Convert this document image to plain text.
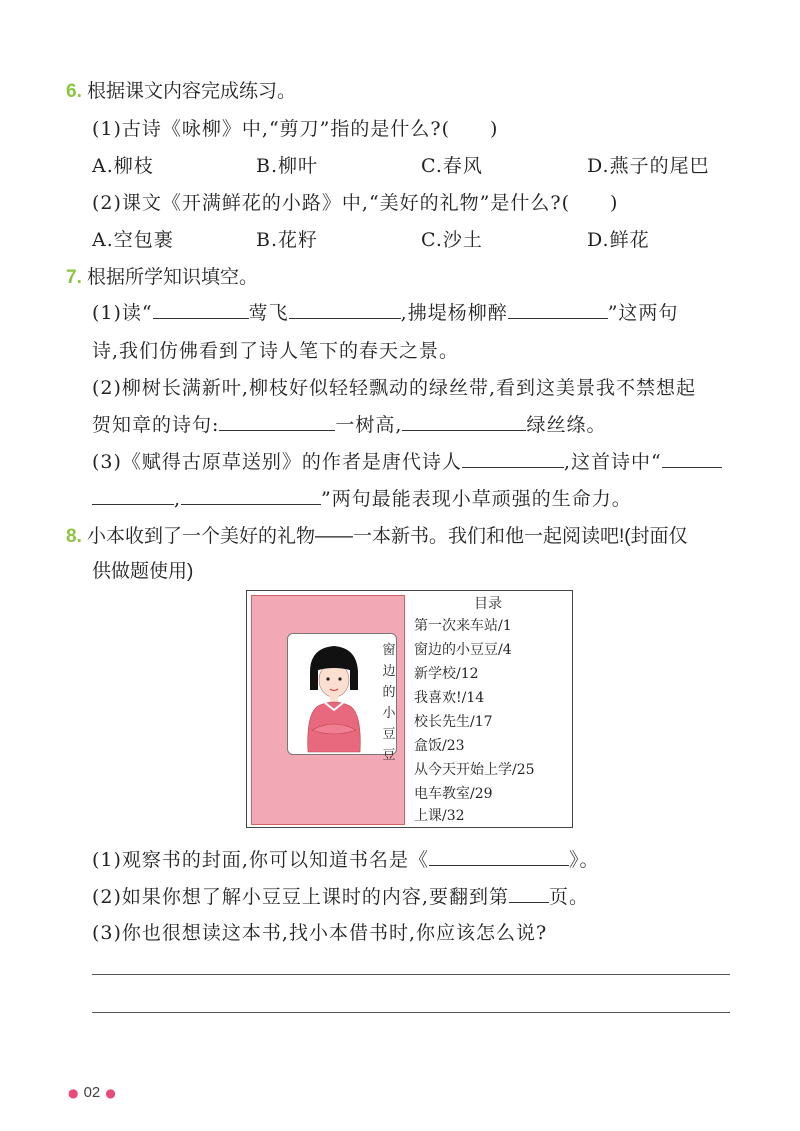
6. 根据课文内容完成练习。
(1)古诗《咏柳》中,“剪刀”指的是什么?(　　)
A.柳枝	B.柳叶	C.春风	D.燕子的尾巴
(2)课文《开满鲜花的小路》中,“美好的礼物”是什么?(　　)
A.空包裹	B.花籽	C.沙土	D.鲜花
7. 根据所学知识填空。
(1)读“	莺飞	,拂堤杨柳醉	”这两句
诗,我们仿佛看到了诗人笔下的春天之景。
(2)柳树长满新叶,柳枝好似轻轻飘动的绿丝带,看到这美景我不禁想起
贺知章的诗句:	一树高,	绿丝绦。
(3)《赋得古原草送别》的作者是唐代诗人	,这首诗中“
,	”两句最能表现小草顽强的生命力。
8. 小本收到了一个美好的礼物——一本新书。我们和他一起阅读吧!(封面仅
供做题使用)
窗
边
的
小
豆
豆
目录
第一次来车站/1
窗边的小豆豆/4
新学校/12
我喜欢!/14
校长先生/17
盒饭/23
从今天开始上学/25
电车教室/29
上课/32
(1)观察书的封面,你可以知道书名是《	》。
(2)如果你想了解小豆豆上课时的内容,要翻到第 页。
(3)你也很想读这本书,找小本借书时,你应该怎么说?
● 02 ●
